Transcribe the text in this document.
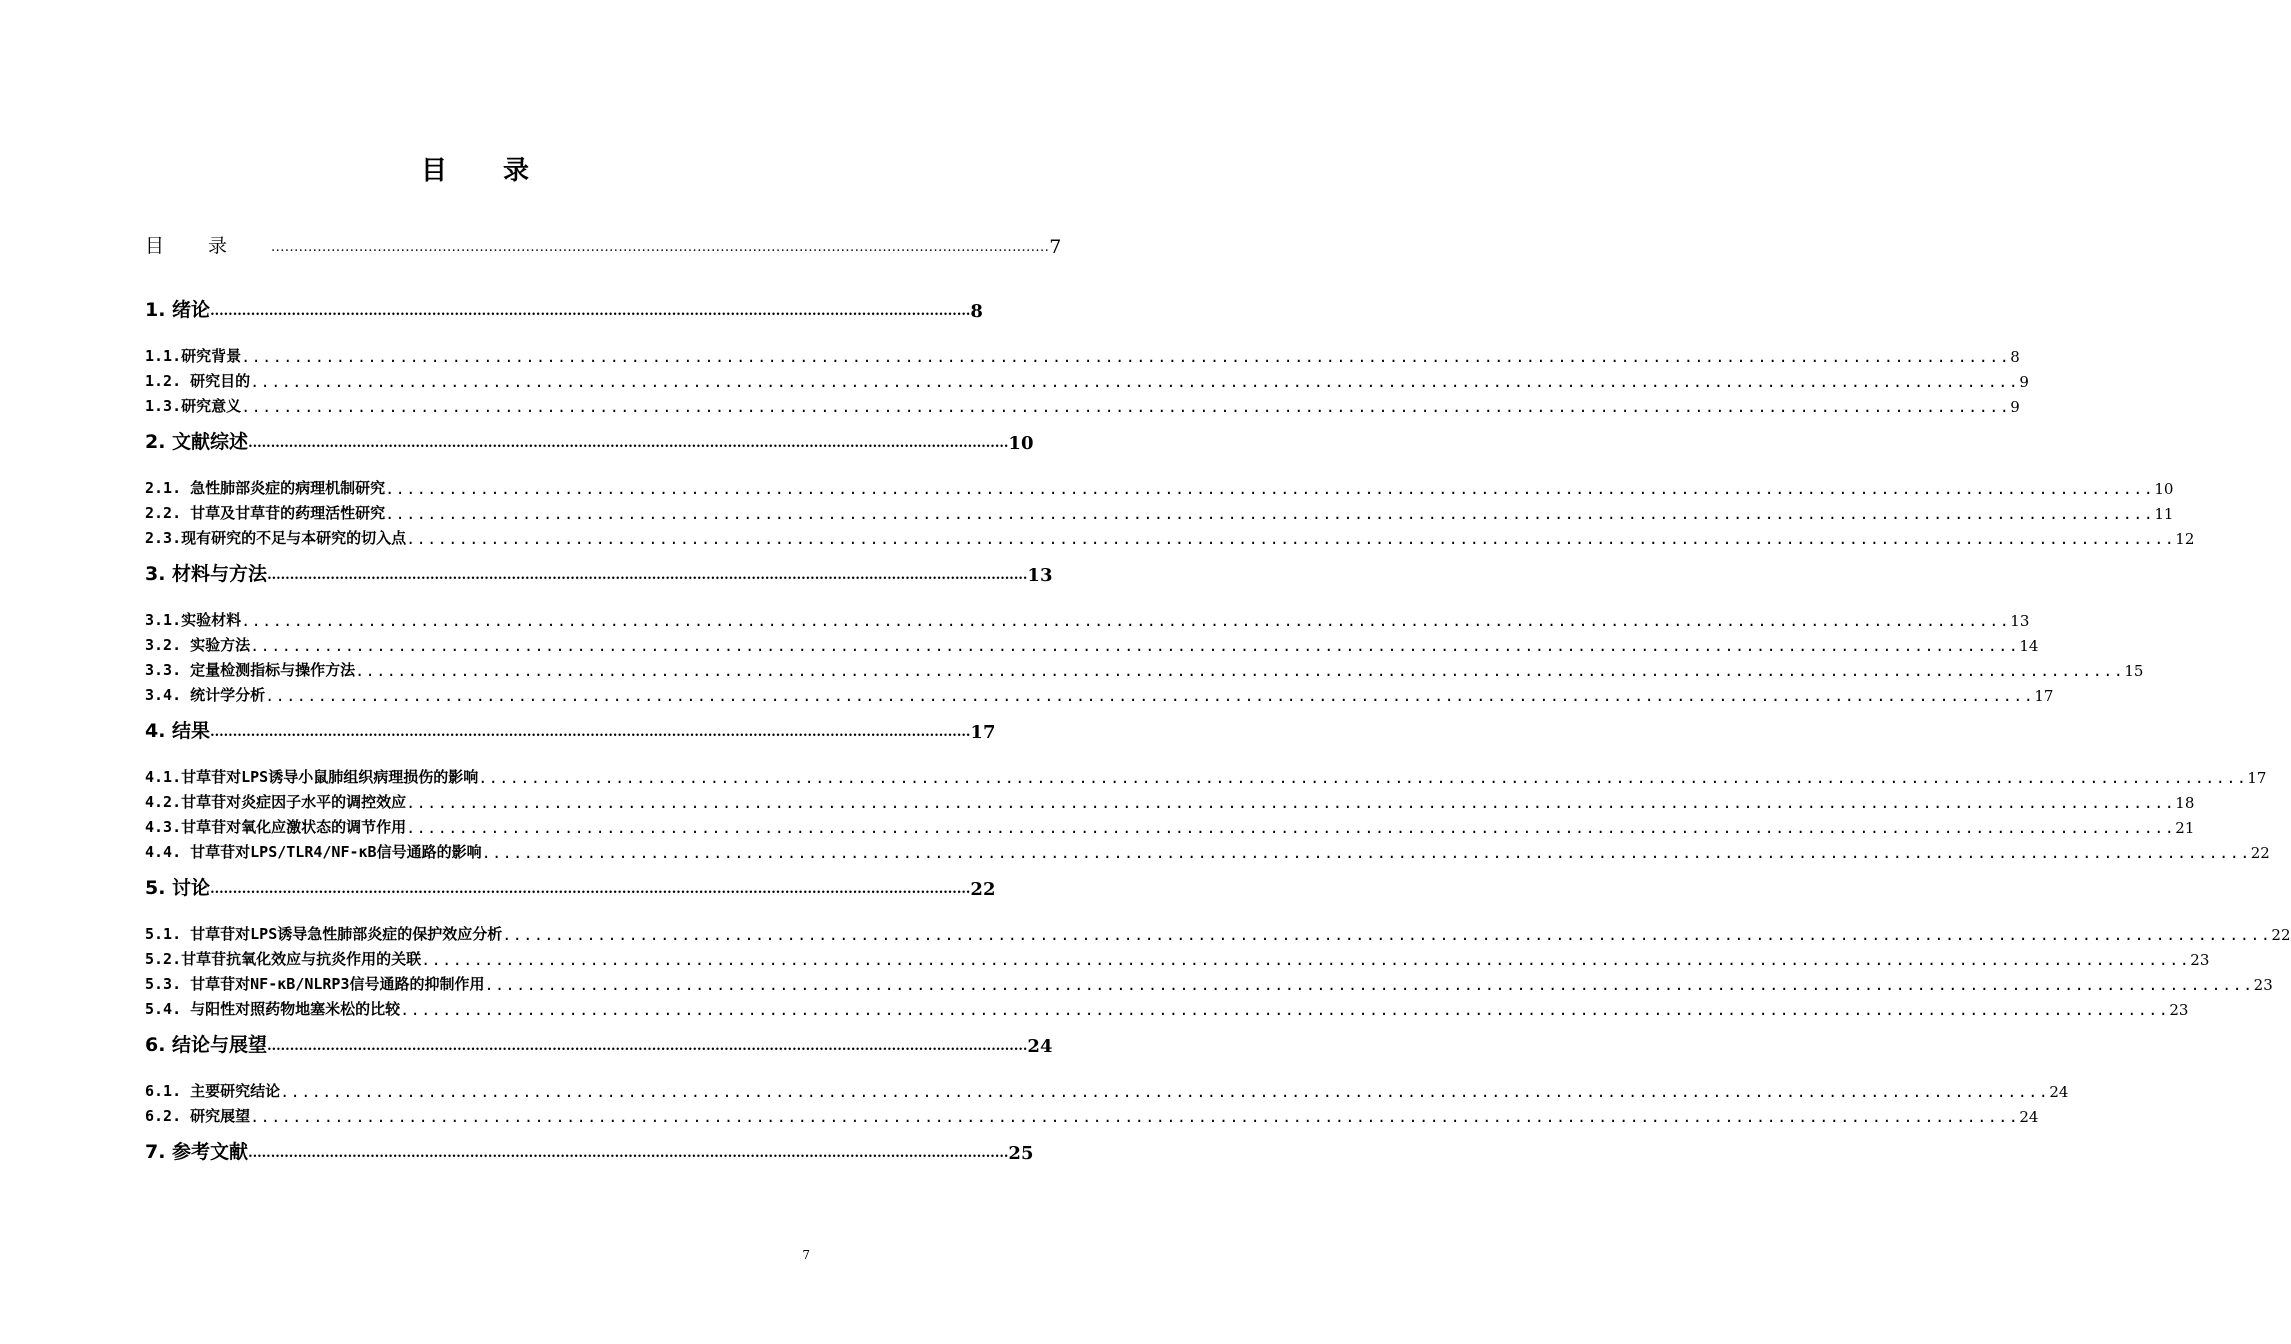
目录
目录 ........................................................................................................................................................................ 7
1. 绪论 ........................................................................................................................................................................ 8
1.1.研究背景 ........................................................................................................................................................................ 8
1.2. 研究目的 ........................................................................................................................................................................ 9
1.3.研究意义 ........................................................................................................................................................................ 9
2. 文献综述 ........................................................................................................................................................................ 10
2.1. 急性肺部炎症的病理机制研究 ........................................................................................................................................................................ 10
2.2. 甘草及甘草苷的药理活性研究 ........................................................................................................................................................................ 11
2.3.现有研究的不足与本研究的切入点 ........................................................................................................................................................................ 12
3. 材料与方法 ........................................................................................................................................................................ 13
3.1.实验材料 ........................................................................................................................................................................ 13
3.2. 实验方法 ........................................................................................................................................................................ 14
3.3. 定量检测指标与操作方法 ........................................................................................................................................................................ 15
3.4. 统计学分析 ........................................................................................................................................................................ 17
4. 结果 ........................................................................................................................................................................ 17
4.1.甘草苷对LPS诱导小鼠肺组织病理损伤的影响 ........................................................................................................................................................................ 17
4.2.甘草苷对炎症因子水平的调控效应 ........................................................................................................................................................................ 18
4.3.甘草苷对氧化应激状态的调节作用 ........................................................................................................................................................................ 21
4.4. 甘草苷对LPS/TLR4/NF-κB信号通路的影响 ........................................................................................................................................................................ 22
5. 讨论 ........................................................................................................................................................................ 22
5.1. 甘草苷对LPS诱导急性肺部炎症的保护效应分析 ........................................................................................................................................................................ 22
5.2.甘草苷抗氧化效应与抗炎作用的关联 ........................................................................................................................................................................ 23
5.3. 甘草苷对NF-κB/NLRP3信号通路的抑制作用 ........................................................................................................................................................................ 23
5.4. 与阳性对照药物地塞米松的比较 ........................................................................................................................................................................ 23
6. 结论与展望 ........................................................................................................................................................................ 24
6.1. 主要研究结论 ........................................................................................................................................................................ 24
6.2. 研究展望 ........................................................................................................................................................................ 24
7. 参考文献 ........................................................................................................................................................................ 25
7
